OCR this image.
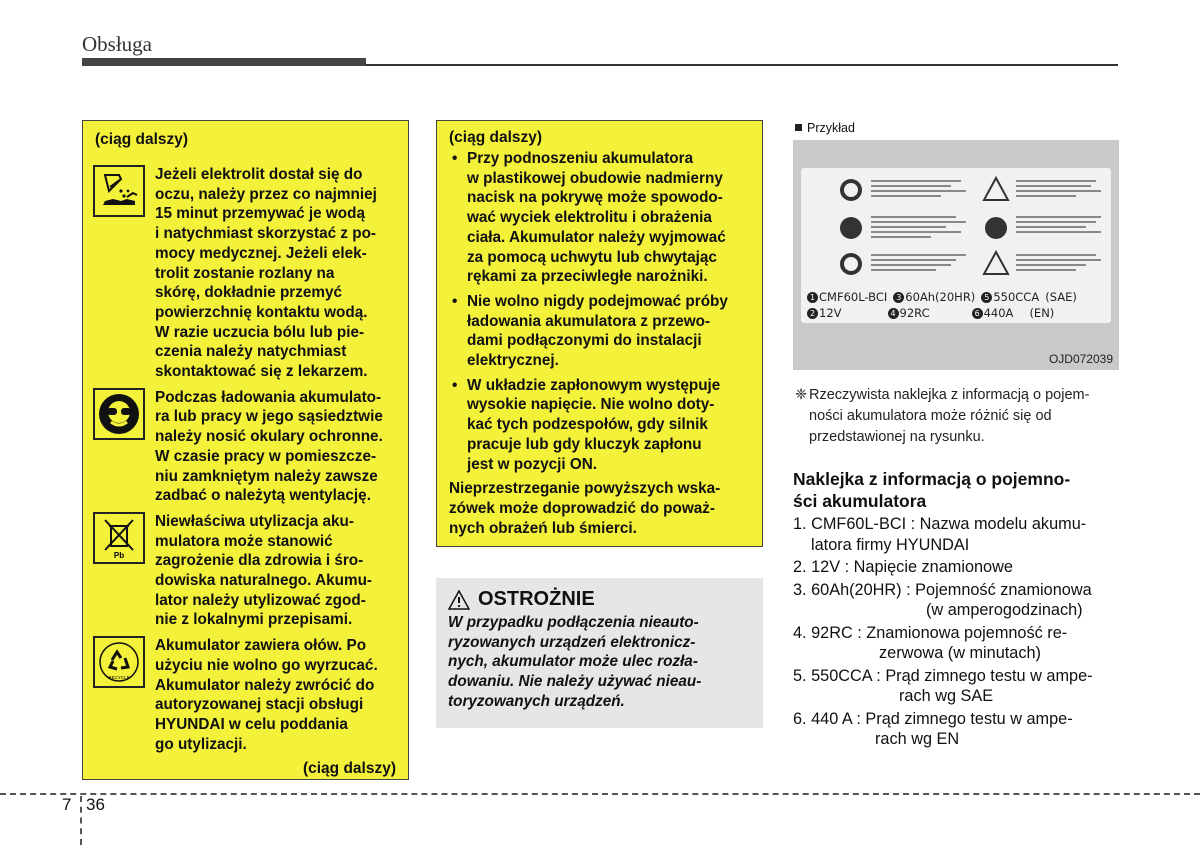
Obsługa
(ciąg dalszy)
Jeżeli elektrolit dostał się do
oczu, należy przez co najmniej
15 minut przemywać je wodą
i natychmiast skorzystać z po-
mocy medycznej. Jeżeli elek-
trolit zostanie rozlany na
skórę, dokładnie przemyć
powierzchnię kontaktu wodą.
W razie uczucia bólu lub pie-
czenia należy natychmiast
skontaktować się z lekarzem.
Podczas ładowania akumulato-
ra lub pracy w jego sąsiedztwie
należy nosić okulary ochronne.
W czasie pracy w pomieszcze-
niu zamkniętym należy zawsze
zadbać o należytą wentylację.
Pb
Niewłaściwa utylizacja aku-
mulatora może stanowić
zagrożenie dla zdrowia i śro-
dowiska naturalnego. Akumu-
lator należy utylizować zgod-
nie z lokalnymi przepisami.
RECYCLE
Akumulator zawiera ołów. Po
użyciu nie wolno go wyrzucać.
Akumulator należy zwrócić do
autoryzowanej stacji obsługi
HYUNDAI w celu poddania
go utylizacji.
(ciąg dalszy)
(ciąg dalszy)
• Przy podnoszeniu akumulatora
w plastikowej obudowie nadmierny
nacisk na pokrywę może spowodo-
wać wyciek elektrolitu i obrażenia
ciała. Akumulator należy wyjmować
za pomocą uchwytu lub chwytając
rękami za przeciwległe narożniki.
• Nie wolno nigdy podejmować próby
ładowania akumulatora z przewo-
dami podłączonymi do instalacji
elektrycznej.
• W układzie zapłonowym występuje
wysokie napięcie. Nie wolno doty-
kać tych podzespołów, gdy silnik
pracuje lub gdy kluczyk zapłonu
jest w pozycji ON.
Nieprzestrzeganie powyższych wska-
zówek może doprowadzić do poważ-
nych obrażeń lub śmierci.
OSTROŻNIE
W przypadku podłączenia nieauto-
ryzowanych urządzeń elektronicz-
nych, akumulator może ulec rozła-
dowaniu. Nie należy używać nieau-
toryzowanych urządzeń.
Przykład
1 CMF60L-BCI 3 60Ah(20HR) 5 550CCA (SAE)
2 12V	4 92RC	6 440A (EN)
OJD072039
❈ Rzeczywista naklejka z informacją o pojem-
ności akumulatora może różnić się od
przedstawionej na rysunku.
Naklejka z informacją o pojemno-
ści akumulatora
1. CMF60L-BCI : Nazwa modelu akumu-
latora firmy HYUNDAI
2. 12V : Napięcie znamionowe
3. 60Ah(20HR) : Pojemność znamionowa
(w amperogodzinach)
4. 92RC : Znamionowa pojemność re-
zerwowa (w minutach)
5. 550CCA : Prąd zimnego testu w ampe-
rach wg SAE
6. 440 A : Prąd zimnego testu w ampe-
rach wg EN
7 36
